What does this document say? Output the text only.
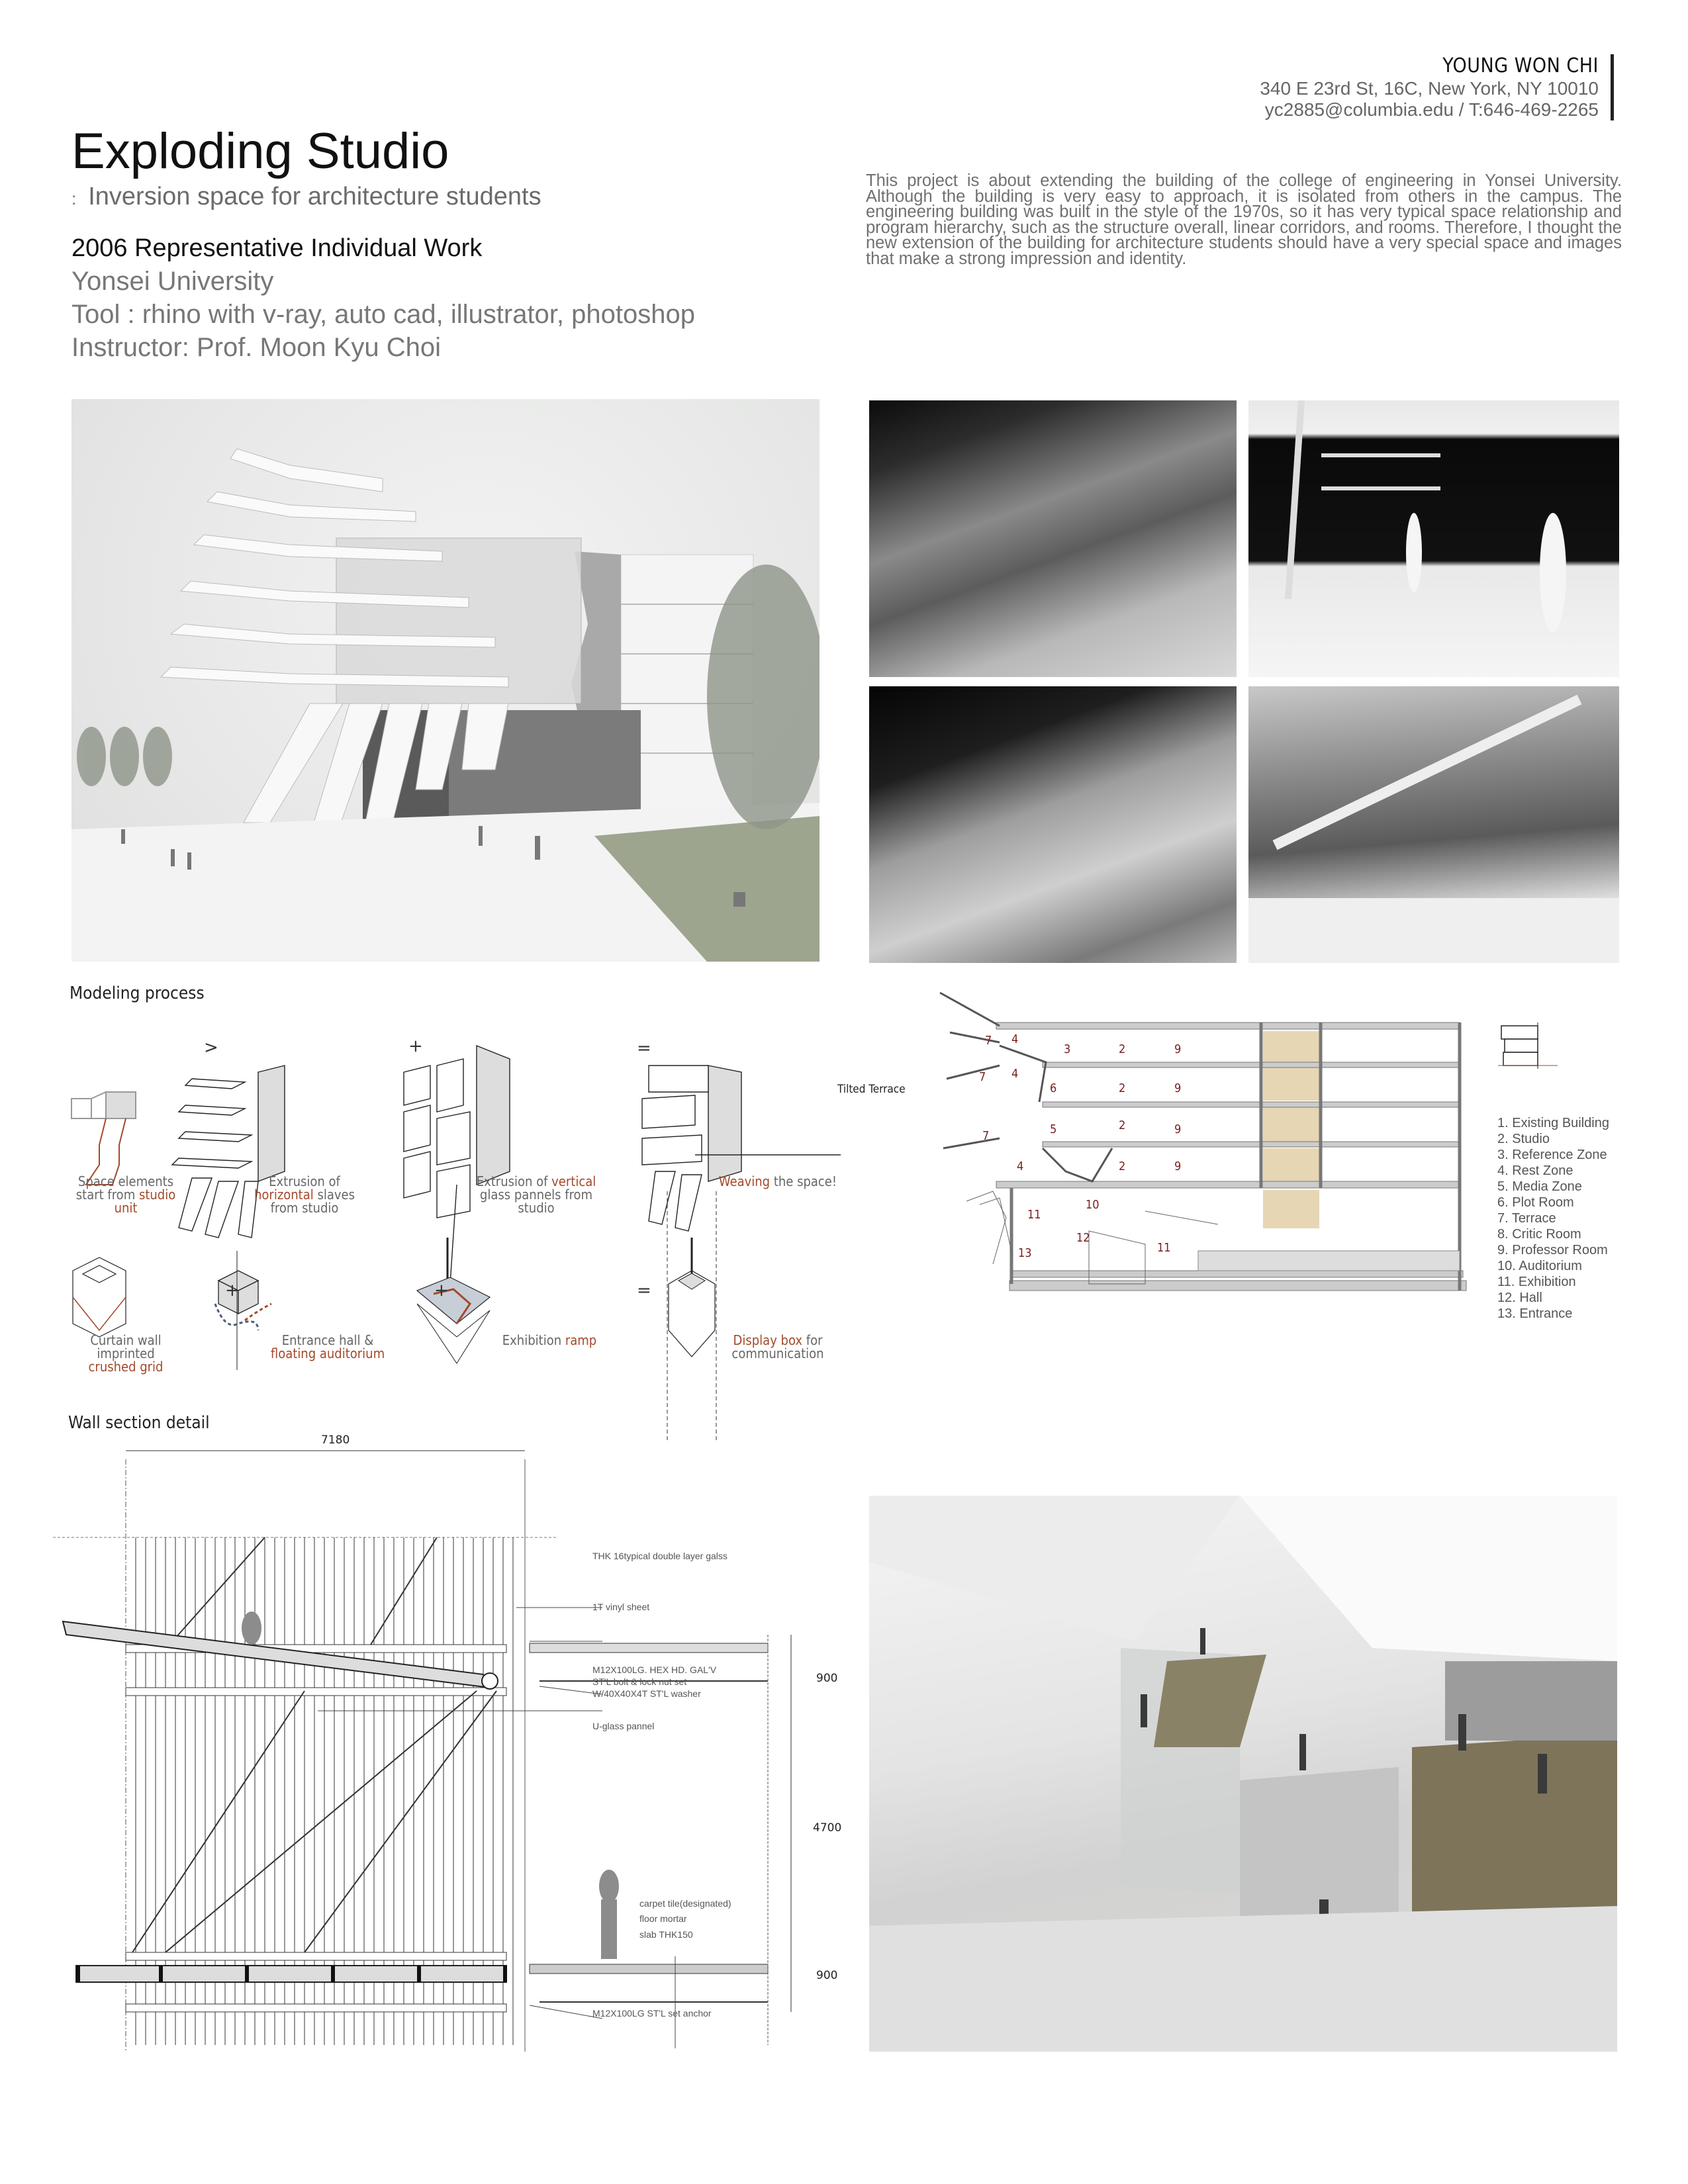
YOUNG WON CHI
340 E 23rd St, 16C, New York, NY 10010
yc2885@columbia.edu / T:646-469-2265
Exploding Studio
: Inversion space for architecture students
2006 Representative Individual Work
Yonsei University
Tool : rhino with v-ray, auto cad, illustrator, photoshop
Instructor: Prof. Moon Kyu Choi
This project is about extending the building of the college of engineering in Yonsei University. Although the building is very easy to approach, it is isolated from others in the campus. The engineering building was built in the style of the 1970s, so it has very typical space relationship and program hierarchy, such as the structure overall, linear corridors, and rooms. Therefore, I thought the new extension of the building for architecture students should have a very special space and images that make a strong impression and identity.
Modeling process
>	+	=
+	+	=
Tilted Terrace
Space elements start from studio unit
Extrusion of horizontal slaves from studio
Extrusion of vertical glass pannels from studio
Weaving the space!
Curtain wall imprinted crushed grid
Entrance hall & floating auditorium
Exhibition ramp	Display box for communication
7 4
3	2	9
7 4
6	2	9
5	2	9
7
4	2	9
10
11
12
11
13
1. Existing Building
2. Studio
3. Reference Zone
4. Rest Zone
5. Media Zone
6. Plot Room
7. Terrace
8. Critic Room
9. Professor Room
10. Auditorium
11. Exhibition
12. Hall
13. Entrance
Wall section detail
7180
THK 16typical double layer galss
1T vinyl sheet
M12X100LG. HEX HD. GAL'V
ST'L bolt & lock nut set
W/40X40X4T ST'L washer
U-glass pannel
carpet tile(designated)
floor mortar
slab THK150
M12X100LG ST'L set anchor
900
4700
900
